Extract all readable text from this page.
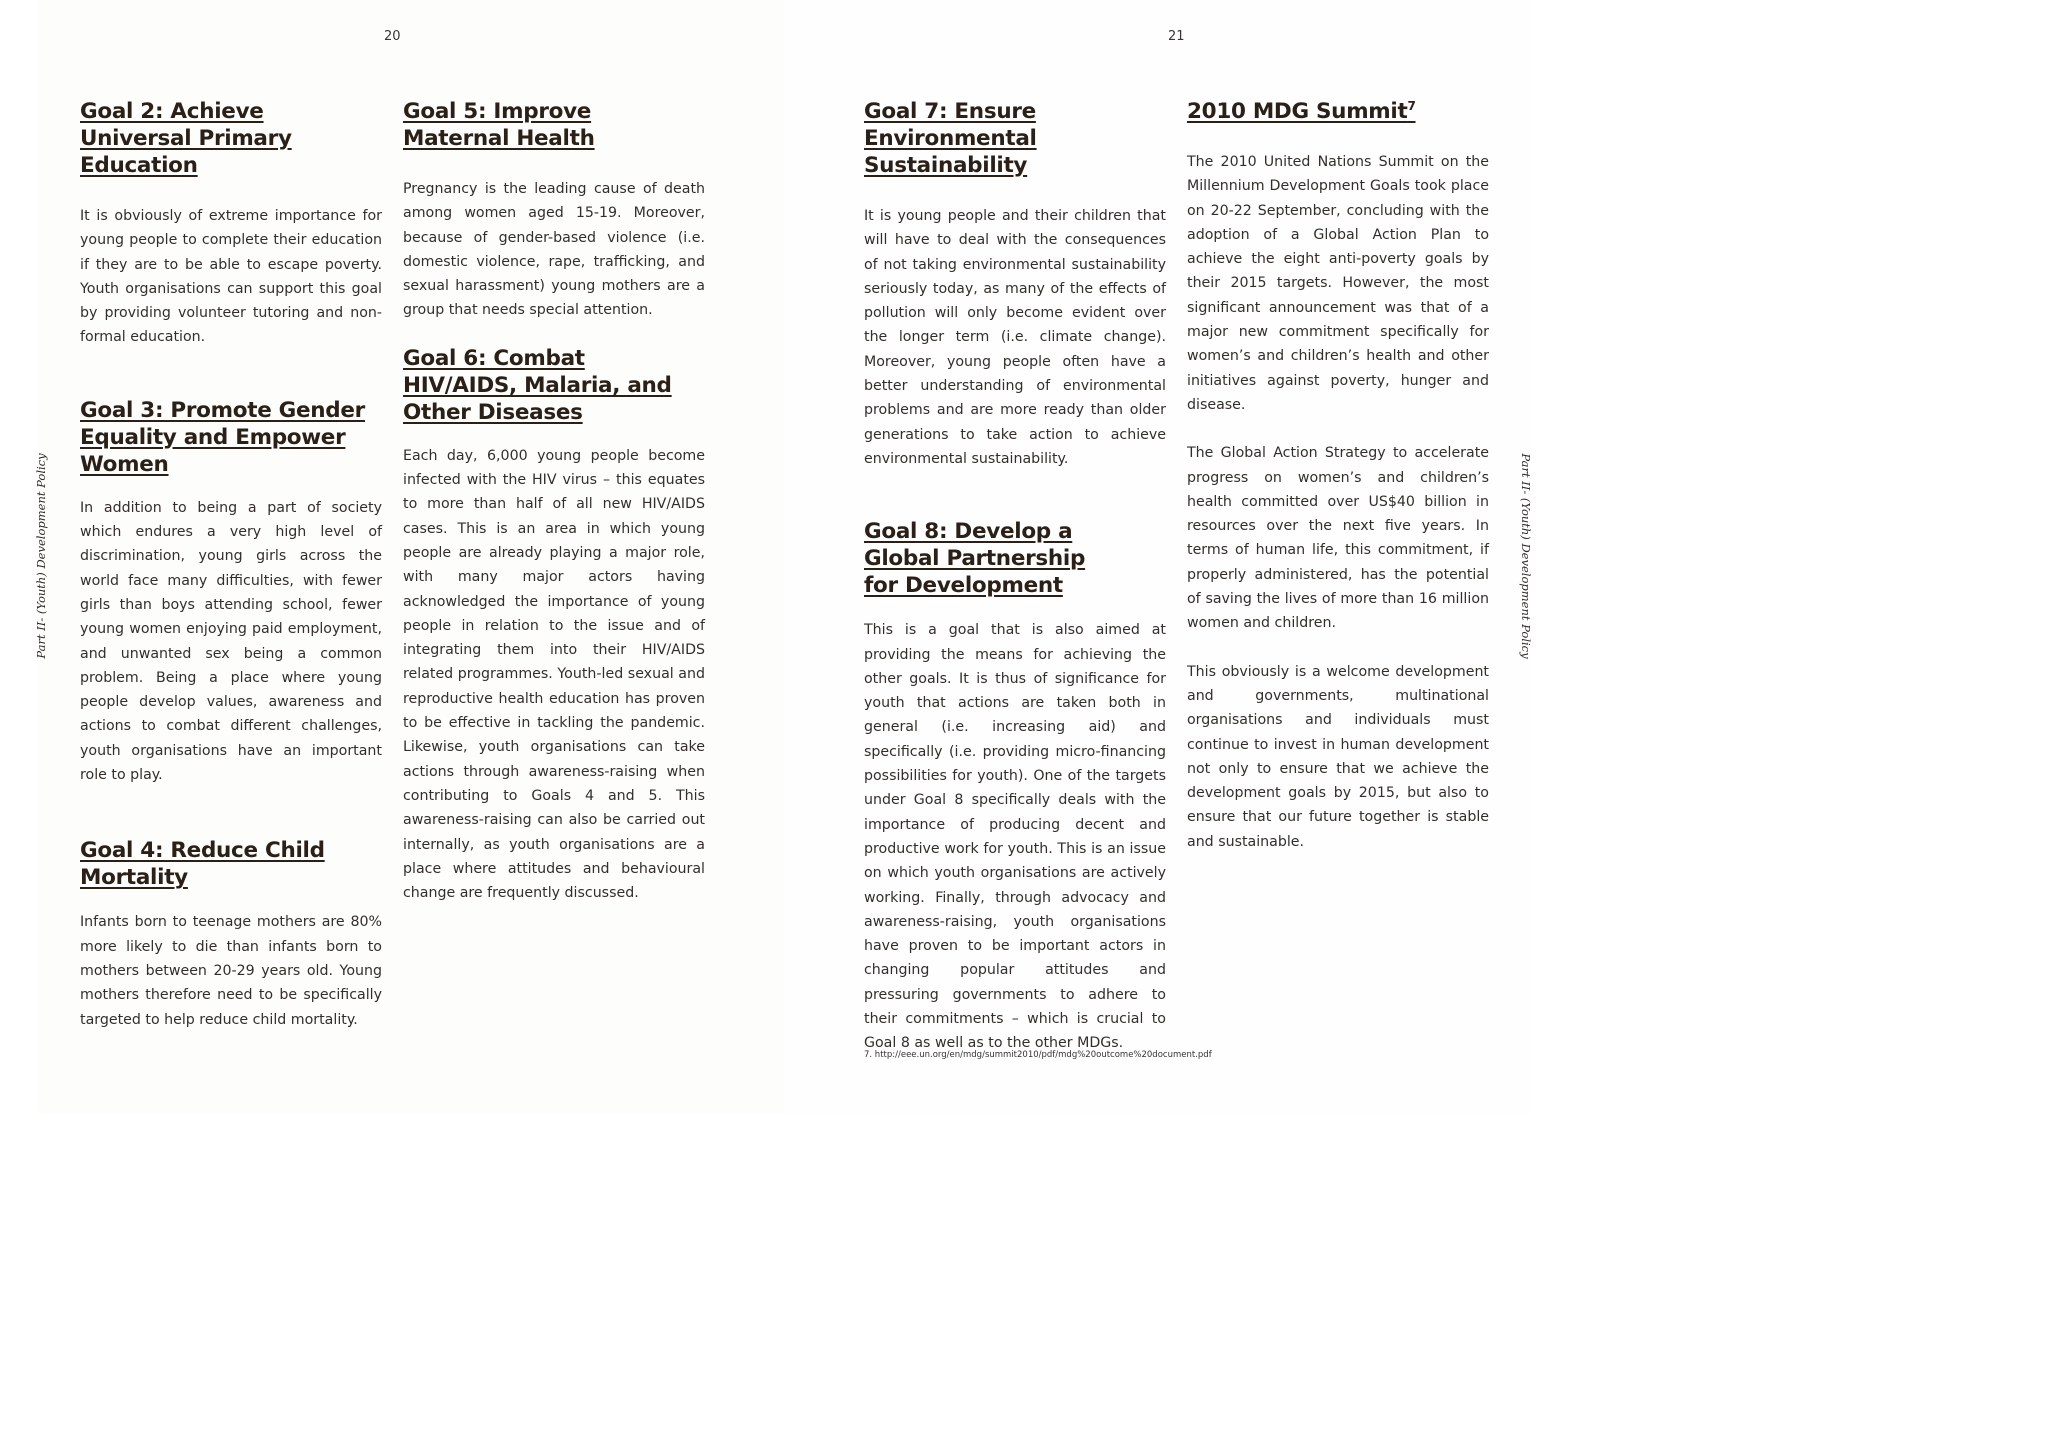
20	21
Part II- (Youth) Development Policy	Part II- (Youth) Development Policy
Goal 2: Achieve Universal Primary Education

It is obviously of extreme importance for young people to complete their education if they are to be able to escape poverty. Youth organisations can support this goal by providing volunteer tutoring and non-formal education.

Goal 3: Promote Gender Equality and Empower Women

In addition to being a part of society which endures a very high level of discrimination, young girls across the world face many difficulties, with fewer girls than boys attending school, fewer young women enjoying paid employment, and unwanted sex being a common problem. Being a place where young people develop values, awareness and actions to combat different challenges, youth organisations have an important role to play.

Goal 4: Reduce Child Mortality

Infants born to teenage mothers are 80% more likely to die than infants born to mothers between 20-29 years old. Young mothers therefore need to be specifically targeted to help reduce child mortality.

Goal 5: Improve Maternal Health

Pregnancy is the leading cause of death among women aged 15-19. Moreover, because of gender-based violence (i.e. domestic violence, rape, trafficking, and sexual harassment) young mothers are a group that needs special attention.

Goal 6: Combat HIV/AIDS, Malaria, and Other Diseases

Each day, 6,000 young people become infected with the HIV virus – this equates to more than half of all new HIV/AIDS cases. This is an area in which young people are already playing a major role, with many major actors having acknowledged the importance of young people in relation to the issue and of integrating them into their HIV/AIDS related programmes. Youth-led sexual and reproductive health education has proven to be effective in tackling the pandemic. Likewise, youth organisations can take actions through awareness-raising when contributing to Goals 4 and 5. This awareness-raising can also be carried out internally, as youth organisations are a place where attitudes and behavioural change are frequently discussed.

Goal 7: Ensure Environmental Sustainability

It is young people and their children that will have to deal with the consequences of not taking environmental sustainability seriously today, as many of the effects of pollution will only become evident over the longer term (i.e. climate change). Moreover, young people often have a better understanding of environmental problems and are more ready than older generations to take action to achieve environmental sustainability.

Goal 8: Develop a Global Partnership for Development

This is a goal that is also aimed at providing the means for achieving the other goals. It is thus of significance for youth that actions are taken both in general (i.e. increasing aid) and specifically (i.e. providing micro-financing possibilities for youth). One of the targets under Goal 8 specifically deals with the importance of producing decent and productive work for youth. This is an issue on which youth organisations are actively working. Finally, through advocacy and awareness-raising, youth organisations have proven to be important actors in changing popular attitudes and pressuring governments to adhere to their commitments – which is crucial to Goal 8 as well as to the other MDGs.

2010 MDG Summit$^7$

The 2010 United Nations Summit on the Millennium Development Goals took place on 20-22 September, concluding with the adoption of a Global Action Plan to achieve the eight anti-poverty goals by their 2015 targets. However, the most significant announcement was that of a major new commitment specifically for women’s and children’s health and other initiatives against poverty, hunger and disease.

The Global Action Strategy to accelerate progress on women’s and children’s health committed over US$40 billion in resources over the next five years. In terms of human life, this commitment, if properly administered, has the potential of saving the lives of more than 16 million women and children.

This obviously is a welcome development and governments, multinational organisations and individuals must continue to invest in human development not only to ensure that we achieve the development goals by 2015, but also to ensure that our future together is stable and sustainable.

7. http://eee.un.org/en/mdg/summit2010/pdf/mdg%20outcome%20document.pdf
